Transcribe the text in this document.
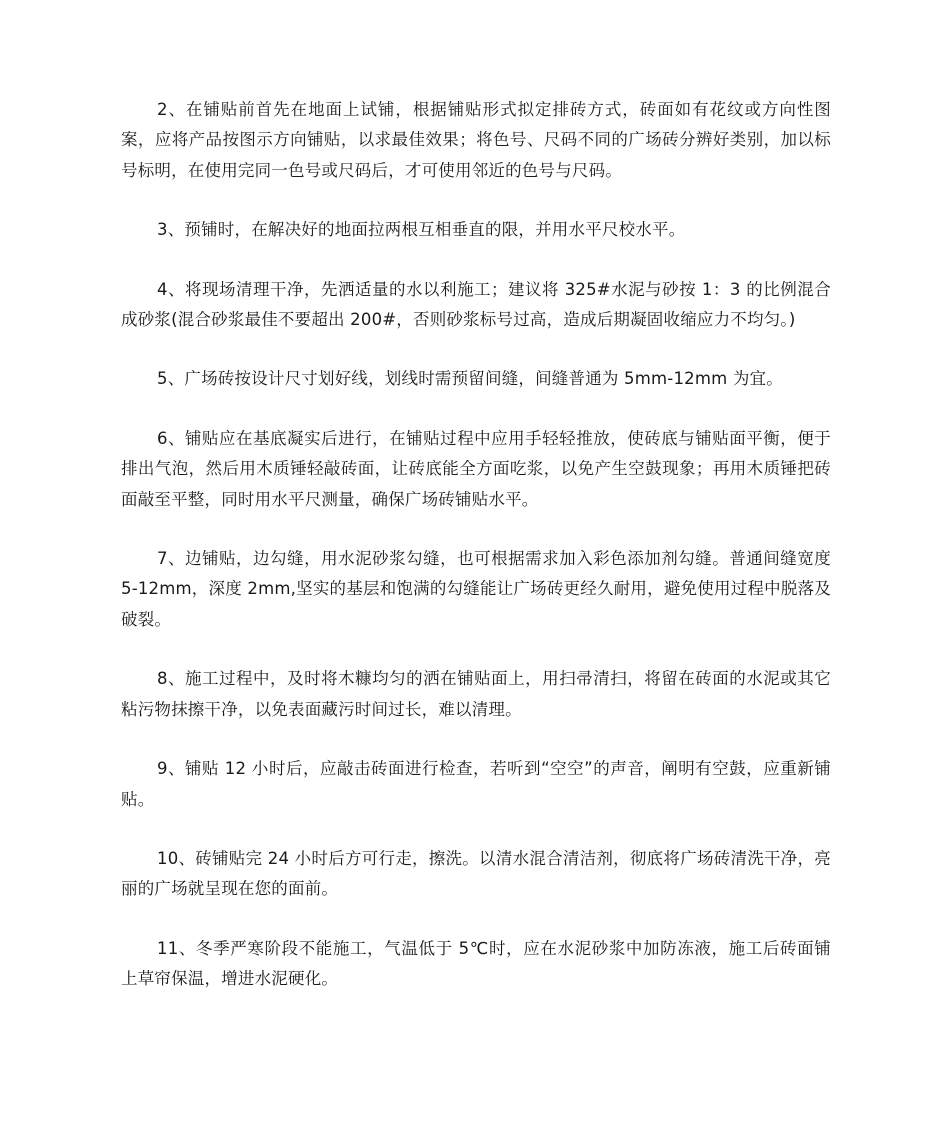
2、在铺贴前首先在地面上试铺，根据铺贴形式拟定排砖方式，砖面如有花纹或方向性图案，应将产品按图示方向铺贴，以求最佳效果；将色号、尺码不同的广场砖分辨好类别，加以标号标明，在使用完同一色号或尺码后，才可使用邻近的色号与尺码。

3、预铺时，在解决好的地面拉两根互相垂直的限，并用水平尺校水平。

4、将现场清理干净，先洒适量的水以利施工；建议将 325#水泥与砂按 1：3 的比例混合成砂浆(混合砂浆最佳不要超出 200#，否则砂浆标号过高，造成后期凝固收缩应力不均匀。)

5、广场砖按设计尺寸划好线，划线时需预留间缝，间缝普通为 5mm-12mm 为宜。

6、铺贴应在基底凝实后进行，在铺贴过程中应用手轻轻推放，使砖底与铺贴面平衡，便于排出气泡，然后用木质锤轻敲砖面，让砖底能全方面吃浆，以免产生空鼓现象；再用木质锤把砖面敲至平整，同时用水平尺测量，确保广场砖铺贴水平。

7、边铺贴，边勾缝，用水泥砂浆勾缝，也可根据需求加入彩色添加剂勾缝。普通间缝宽度 5-12mm，深度 2mm,坚实的基层和饱满的勾缝能让广场砖更经久耐用，避免使用过程中脱落及破裂。

8、施工过程中，及时将木糠均匀的洒在铺贴面上，用扫帚清扫，将留在砖面的水泥或其它粘污物抹擦干净，以免表面藏污时间过长，难以清理。

9、铺贴 12 小时后，应敲击砖面进行检查，若听到“空空”的声音，阐明有空鼓，应重新铺贴。

10、砖铺贴完 24 小时后方可行走，擦洗。以清水混合清洁剂，彻底将广场砖清洗干净，亮丽的广场就呈现在您的面前。

11、冬季严寒阶段不能施工，气温低于 5℃时，应在水泥砂浆中加防冻液，施工后砖面铺上草帘保温，增进水泥硬化。
